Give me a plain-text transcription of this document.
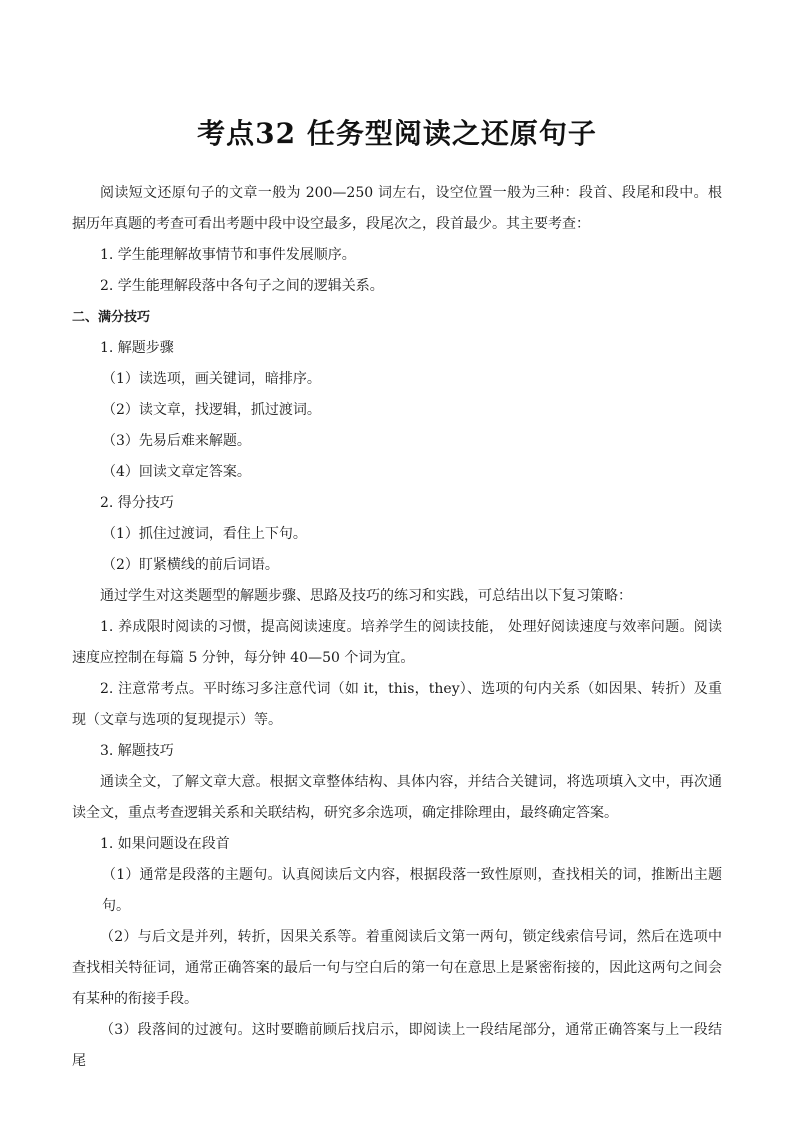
考点32 任务型阅读之还原句子

阅读短文还原句子的文章一般为 200—250 词左右，设空位置一般为三种：段首、段尾和段中。根据历年真题的考查可看出考题中段中设空最多，段尾次之，段首最少。其主要考查：

1. 学生能理解故事情节和事件发展顺序。

2. 学生能理解段落中各句子之间的逻辑关系。

二、满分技巧

1. 解题步骤

（1）读选项，画关键词，暗排序。

（2）读文章，找逻辑，抓过渡词。

（3）先易后难来解题。

（4）回读文章定答案。

2. 得分技巧

（1）抓住过渡词，看住上下句。

（2）盯紧横线的前后词语。

通过学生对这类题型的解题步骤、思路及技巧的练习和实践，可总结出以下复习策略：

1. 养成限时阅读的习惯，提高阅读速度。培养学生的阅读技能， 处理好阅读速度与效率问题。阅读速度应控制在每篇 5 分钟，每分钟 40—50 个词为宜。

2. 注意常考点。平时练习多注意代词（如 it，this，they）、选项的句内关系（如因果、转折）及重现（文章与选项的复现提示）等。

3. 解题技巧

通读全文，了解文章大意。根据文章整体结构、具体内容，并结合关键词，将选项填入文中，再次通读全文，重点考查逻辑关系和关联结构，研究多余选项，确定排除理由，最终确定答案。

1. 如果问题设在段首

（1）通常是段落的主题句。认真阅读后文内容，根据段落一致性原则，查找相关的词，推断出主题句。

（2）与后文是并列，转折，因果关系等。着重阅读后文第一两句，锁定线索信号词，然后在选项中查找相关特征词，通常正确答案的最后一句与空白后的第一句在意思上是紧密衔接的，因此这两句之间会有某种的衔接手段。

（3）段落间的过渡句。这时要瞻前顾后找启示，即阅读上一段结尾部分，通常正确答案与上一段结尾
